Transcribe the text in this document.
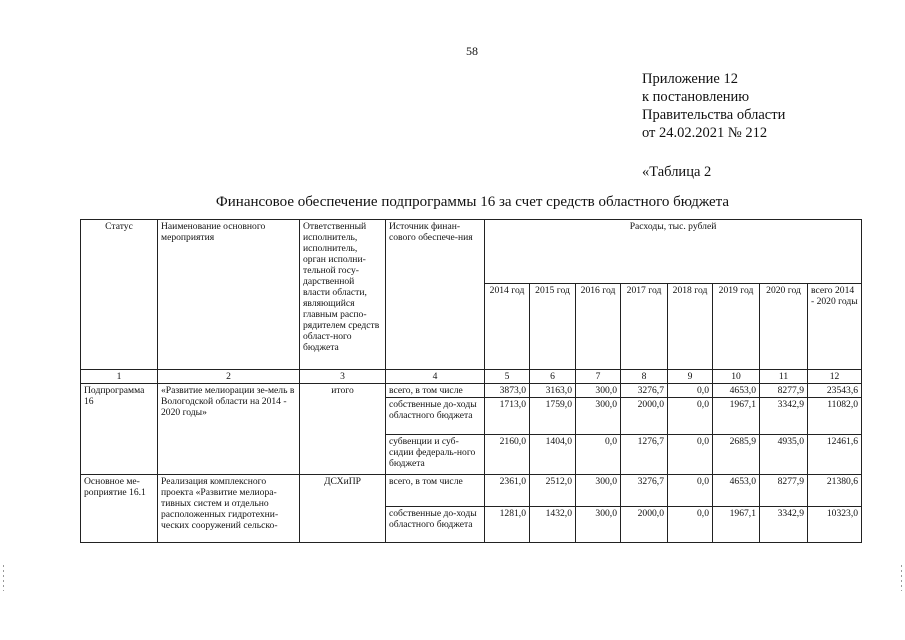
58
Приложение 12
к постановлению
Правительства области
от 24.02.2021 № 212
«Таблица 2
Финансовое обеспечение подпрограммы 16 за счет средств областного бюджета
Статус	Наименование основного мероприятия	Ответственный исполнитель, исполнитель, орган исполни-тельной госу-дарственной власти области, являющийся главным распо-рядителем средств област-ного бюджета	Источник финан-сового обеспече-ния	Расходы, тыс. рублей							
				2014 год	2015 год	2016 год	2017 год	2018 год	2019 год	2020 год	всего 2014 - 2020 годы
1	2	3	4	5	6	7	8	9	10	11	12
Подпрограмма 16	«Развитие мелиорации зе-мель в Вологодской области на 2014 - 2020 годы»	итого	всего, в том числе	3873,0	3163,0	300,0	3276,7	0,0	4653,0	8277,9	23543,6
			собственные до-ходы областного бюджета	1713,0	1759,0	300,0	2000,0	0,0	1967,1	3342,9	11082,0
			субвенции и суб-сидии федераль-ного бюджета	2160,0	1404,0	0,0	1276,7	0,0	2685,9	4935,0	12461,6
Основное ме-роприятие 16.1	Реализация комплексного проекта «Развитие мелиора-тивных систем и отдельно расположенных гидротехни-ческих сооружений сельско-	ДСХиПР	всего, в том числе	2361,0	2512,0	300,0	3276,7	0,0	4653,0	8277,9	21380,6
			собственные до-ходы областного бюджета	1281,0	1432,0	300,0	2000,0	0,0	1967,1	3342,9	10323,0
